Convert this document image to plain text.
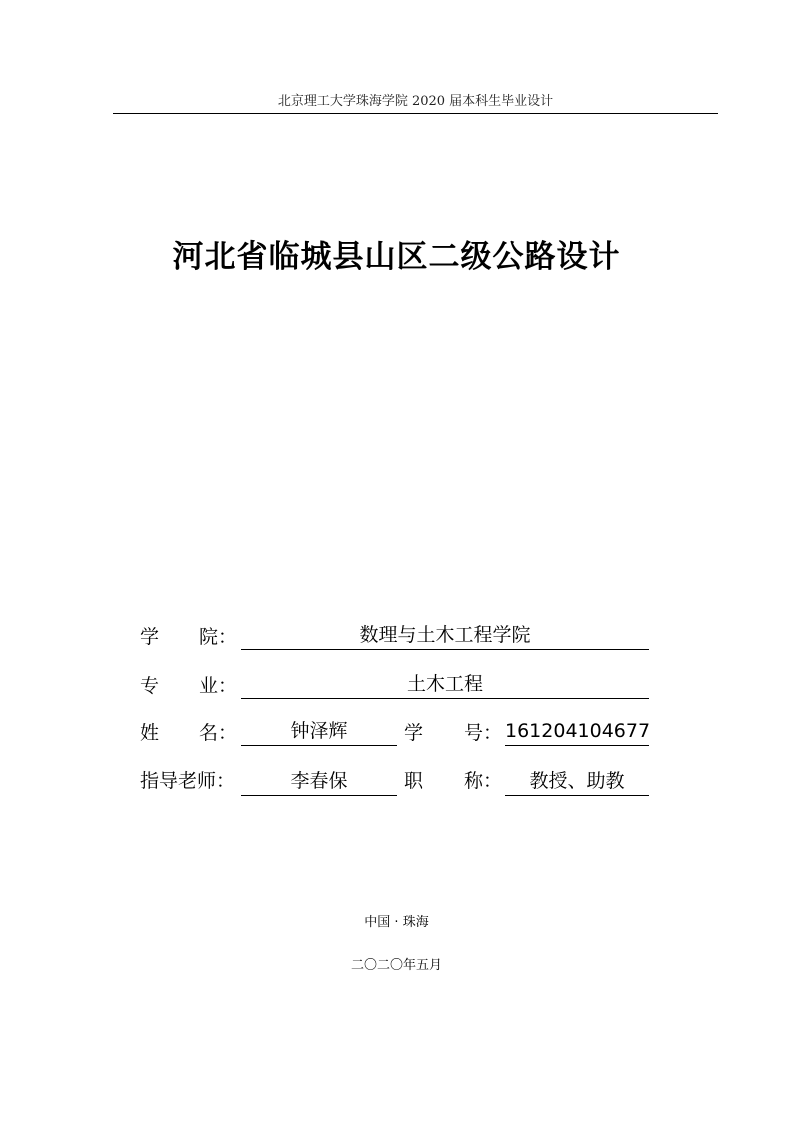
北京理工大学珠海学院 2020 届本科生毕业设计
河北省临城县山区二级公路设计
学 院：	数理与土木工程学院
专 业：	土木工程
姓 名：	钟泽辉	学 号： 161204104677
指导老师：	李春保	职 称：	教授、助教
中国 · 珠海
二〇二〇年五月
